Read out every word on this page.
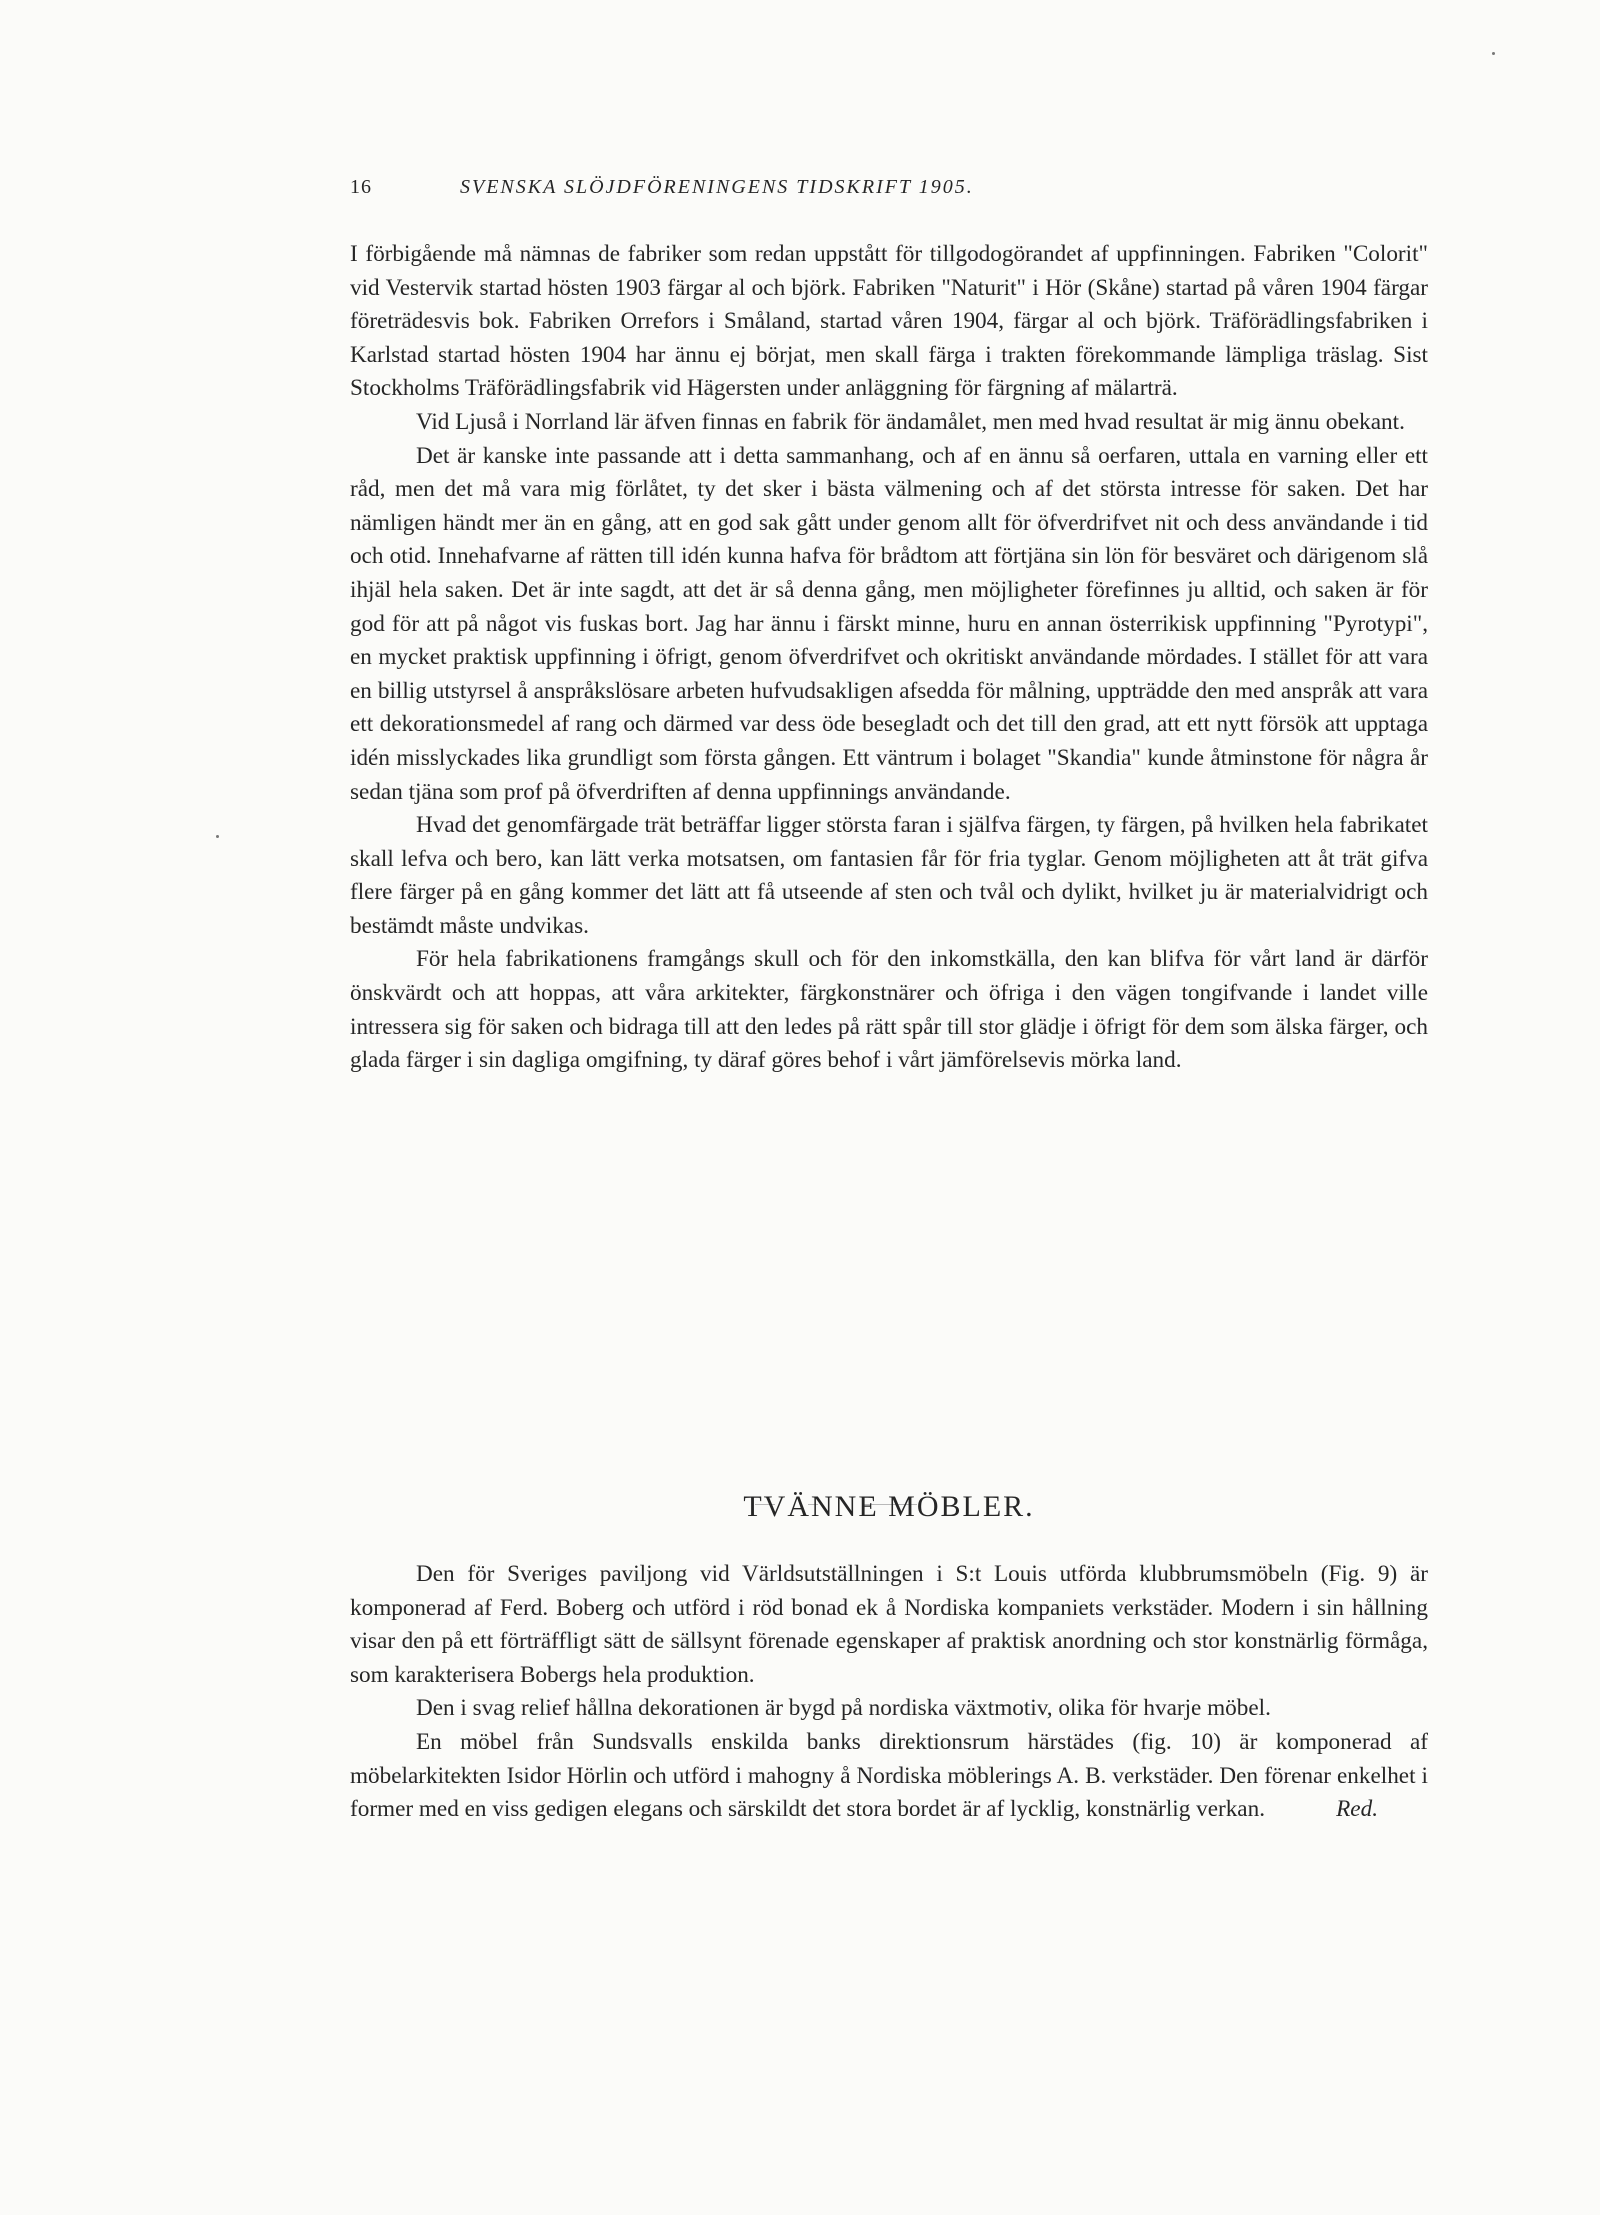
16	SVENSKA SLÖJDFÖRENINGENS TIDSKRIFT 1905.

I förbigående må nämnas de fabriker som redan uppstått för tillgodogörandet af uppfinningen. Fabriken "Colorit" vid Vestervik startad hösten 1903 färgar al och björk. Fabriken "Naturit" i Hör (Skåne) startad på våren 1904 färgar företrädesvis bok. Fabriken Orrefors i Småland, startad våren 1904, färgar al och björk. Träförädlingsfabriken i Karlstad startad hösten 1904 har ännu ej börjat, men skall färga i trakten förekommande lämpliga träslag. Sist Stockholms Träförädlingsfabrik vid Hägersten under anläggning för färgning af mälarträ.

Vid Ljuså i Norrland lär äfven finnas en fabrik för ändamålet, men med hvad resultat är mig ännu obekant.

Det är kanske inte passande att i detta sammanhang, och af en ännu så oerfaren, uttala en varning eller ett råd, men det må vara mig förlåtet, ty det sker i bästa välmening och af det största intresse för saken. Det har nämligen händt mer än en gång, att en god sak gått under genom allt för öfverdrifvet nit och dess användande i tid och otid. Innehafvarne af rätten till idén kunna hafva för brådtom att förtjäna sin lön för besväret och därigenom slå ihjäl hela saken. Det är inte sagdt, att det är så denna gång, men möjligheter förefinnes ju alltid, och saken är för god för att på något vis fuskas bort. Jag har ännu i färskt minne, huru en annan österrikisk uppfinning "Pyrotypi", en mycket praktisk uppfinning i öfrigt, genom öfverdrifvet och okritiskt användande mördades. I stället för att vara en billig utstyrsel å anspråkslösare arbeten hufvudsakligen afsedda för målning, uppträdde den med anspråk att vara ett dekorationsmedel af rang och därmed var dess öde besegladt och det till den grad, att ett nytt försök att upptaga idén misslyckades lika grundligt som första gången. Ett väntrum i bolaget "Skandia" kunde åtminstone för några år sedan tjäna som prof på öfverdriften af denna uppfinnings användande.

Hvad det genomfärgade trät beträffar ligger största faran i själfva färgen, ty färgen, på hvilken hela fabrikatet skall lefva och bero, kan lätt verka motsatsen, om fantasien får för fria tyglar. Genom möjligheten att åt trät gifva flere färger på en gång kommer det lätt att få utseende af sten och tvål och dylikt, hvilket ju är materialvidrigt och bestämdt måste undvikas.

För hela fabrikationens framgångs skull och för den inkomstkälla, den kan blifva för vårt land är därför önskvärdt och att hoppas, att våra arkitekter, färgkonstnärer och öfriga i den vägen tongifvande i landet ville intressera sig för saken och bidraga till att den ledes på rätt spår till stor glädje i öfrigt för dem som älska färger, och glada färger i sin dagliga omgifning, ty däraf göres behof i vårt jämförelsevis mörka land.

TVÄNNE MÖBLER.

Den för Sveriges paviljong vid Världsutställningen i S:t Louis utförda klubbrumsmöbeln (Fig. 9) är komponerad af Ferd. Boberg och utförd i röd bonad ek å Nordiska kompaniets verkstäder. Modern i sin hållning visar den på ett förträffligt sätt de sällsynt förenade egenskaper af praktisk anordning och stor konstnärlig förmåga, som karakterisera Bobergs hela produktion.

Den i svag relief hållna dekorationen är bygd på nordiska växtmotiv, olika för hvarje möbel.

En möbel från Sundsvalls enskilda banks direktionsrum härstädes (fig. 10) är komponerad af möbelarkitekten Isidor Hörlin och utförd i mahogny å Nordiska möblerings A. B. verkstäder. Den förenar enkelhet i former med en viss gedigen elegans och särskildt det stora bordet är af lycklig, konstnärlig verkan.	Red.
